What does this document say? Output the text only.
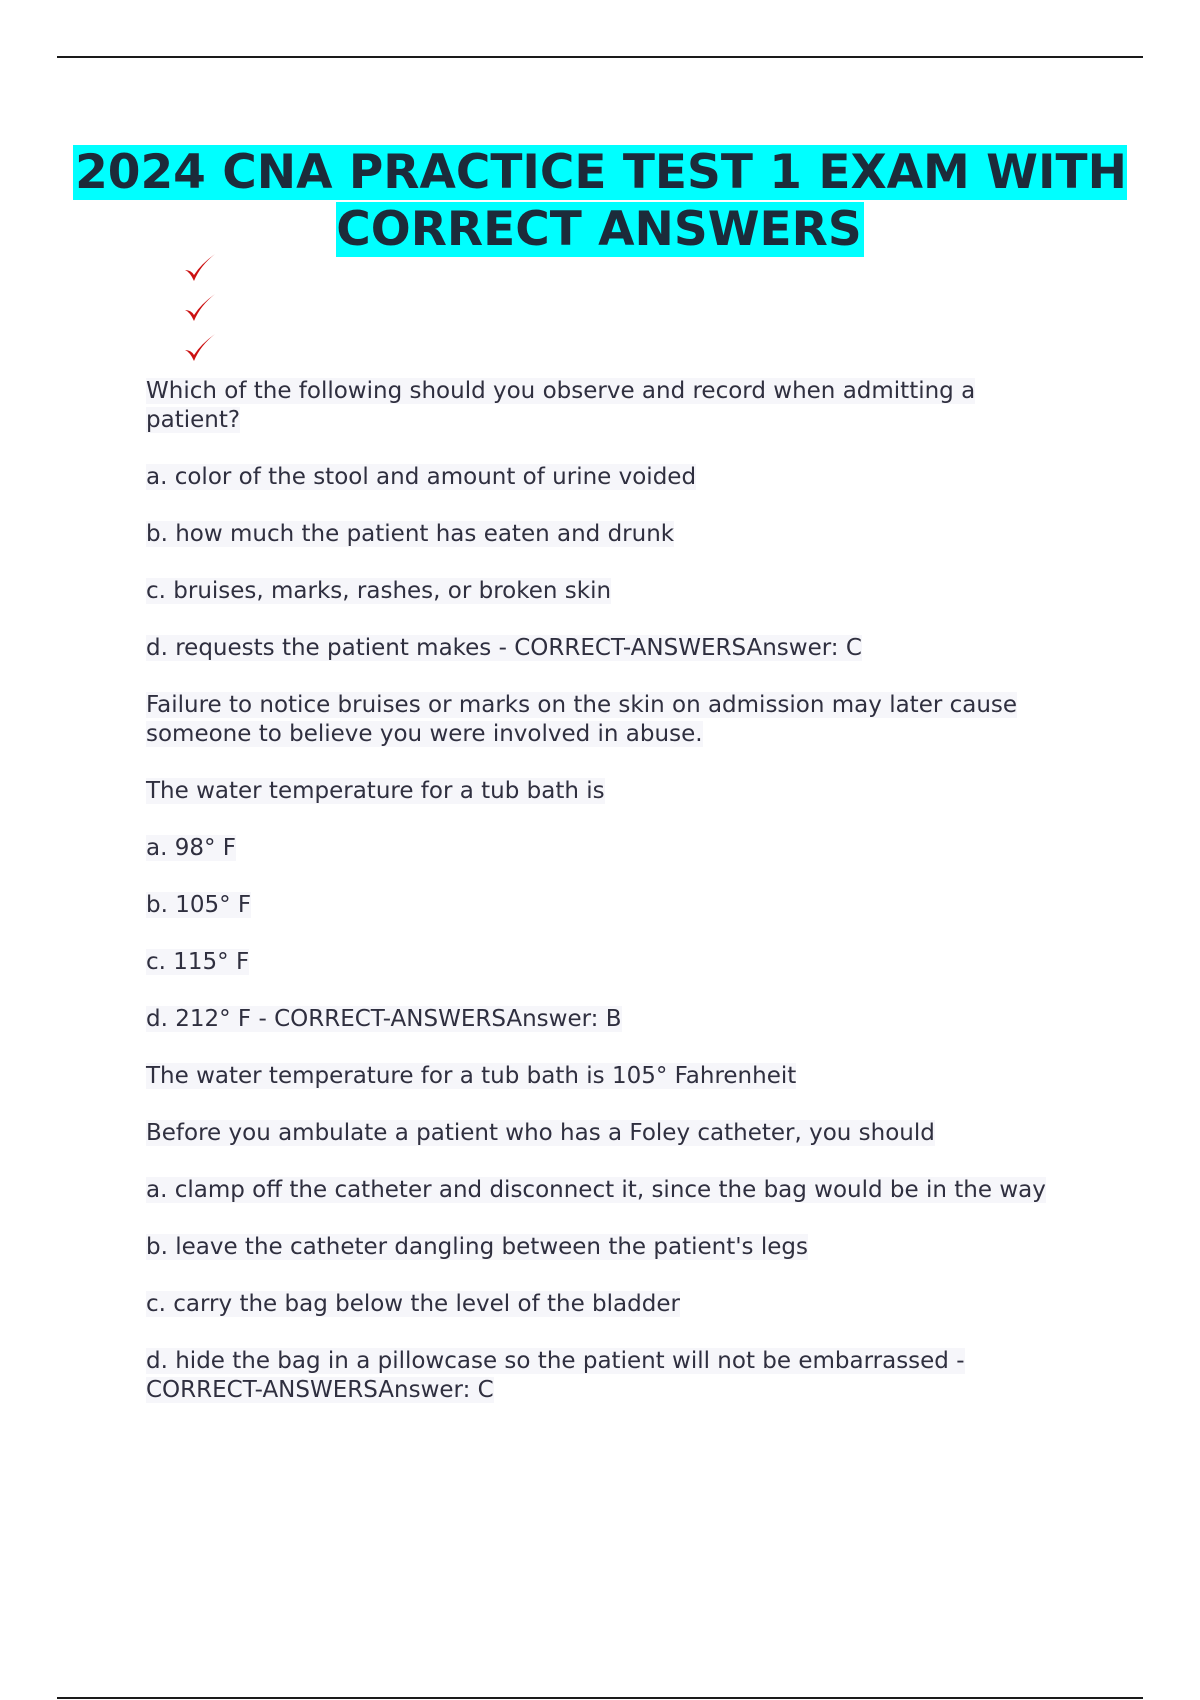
2024 CNA PRACTICE TEST 1 EXAM WITH CORRECT ANSWERS

Which of the following should you observe and record when admitting a patient?

a. color of the stool and amount of urine voided

b. how much the patient has eaten and drunk

c. bruises, marks, rashes, or broken skin

d. requests the patient makes - CORRECT-ANSWERSAnswer: C

Failure to notice bruises or marks on the skin on admission may later cause someone to believe you were involved in abuse.

The water temperature for a tub bath is

a. 98° F

b. 105° F

c. 115° F

d. 212° F - CORRECT-ANSWERSAnswer: B

The water temperature for a tub bath is 105° Fahrenheit

Before you ambulate a patient who has a Foley catheter, you should

a. clamp off the catheter and disconnect it, since the bag would be in the way

b. leave the catheter dangling between the patient's legs

c. carry the bag below the level of the bladder

d. hide the bag in a pillowcase so the patient will not be embarrassed - CORRECT-ANSWERSAnswer: C
